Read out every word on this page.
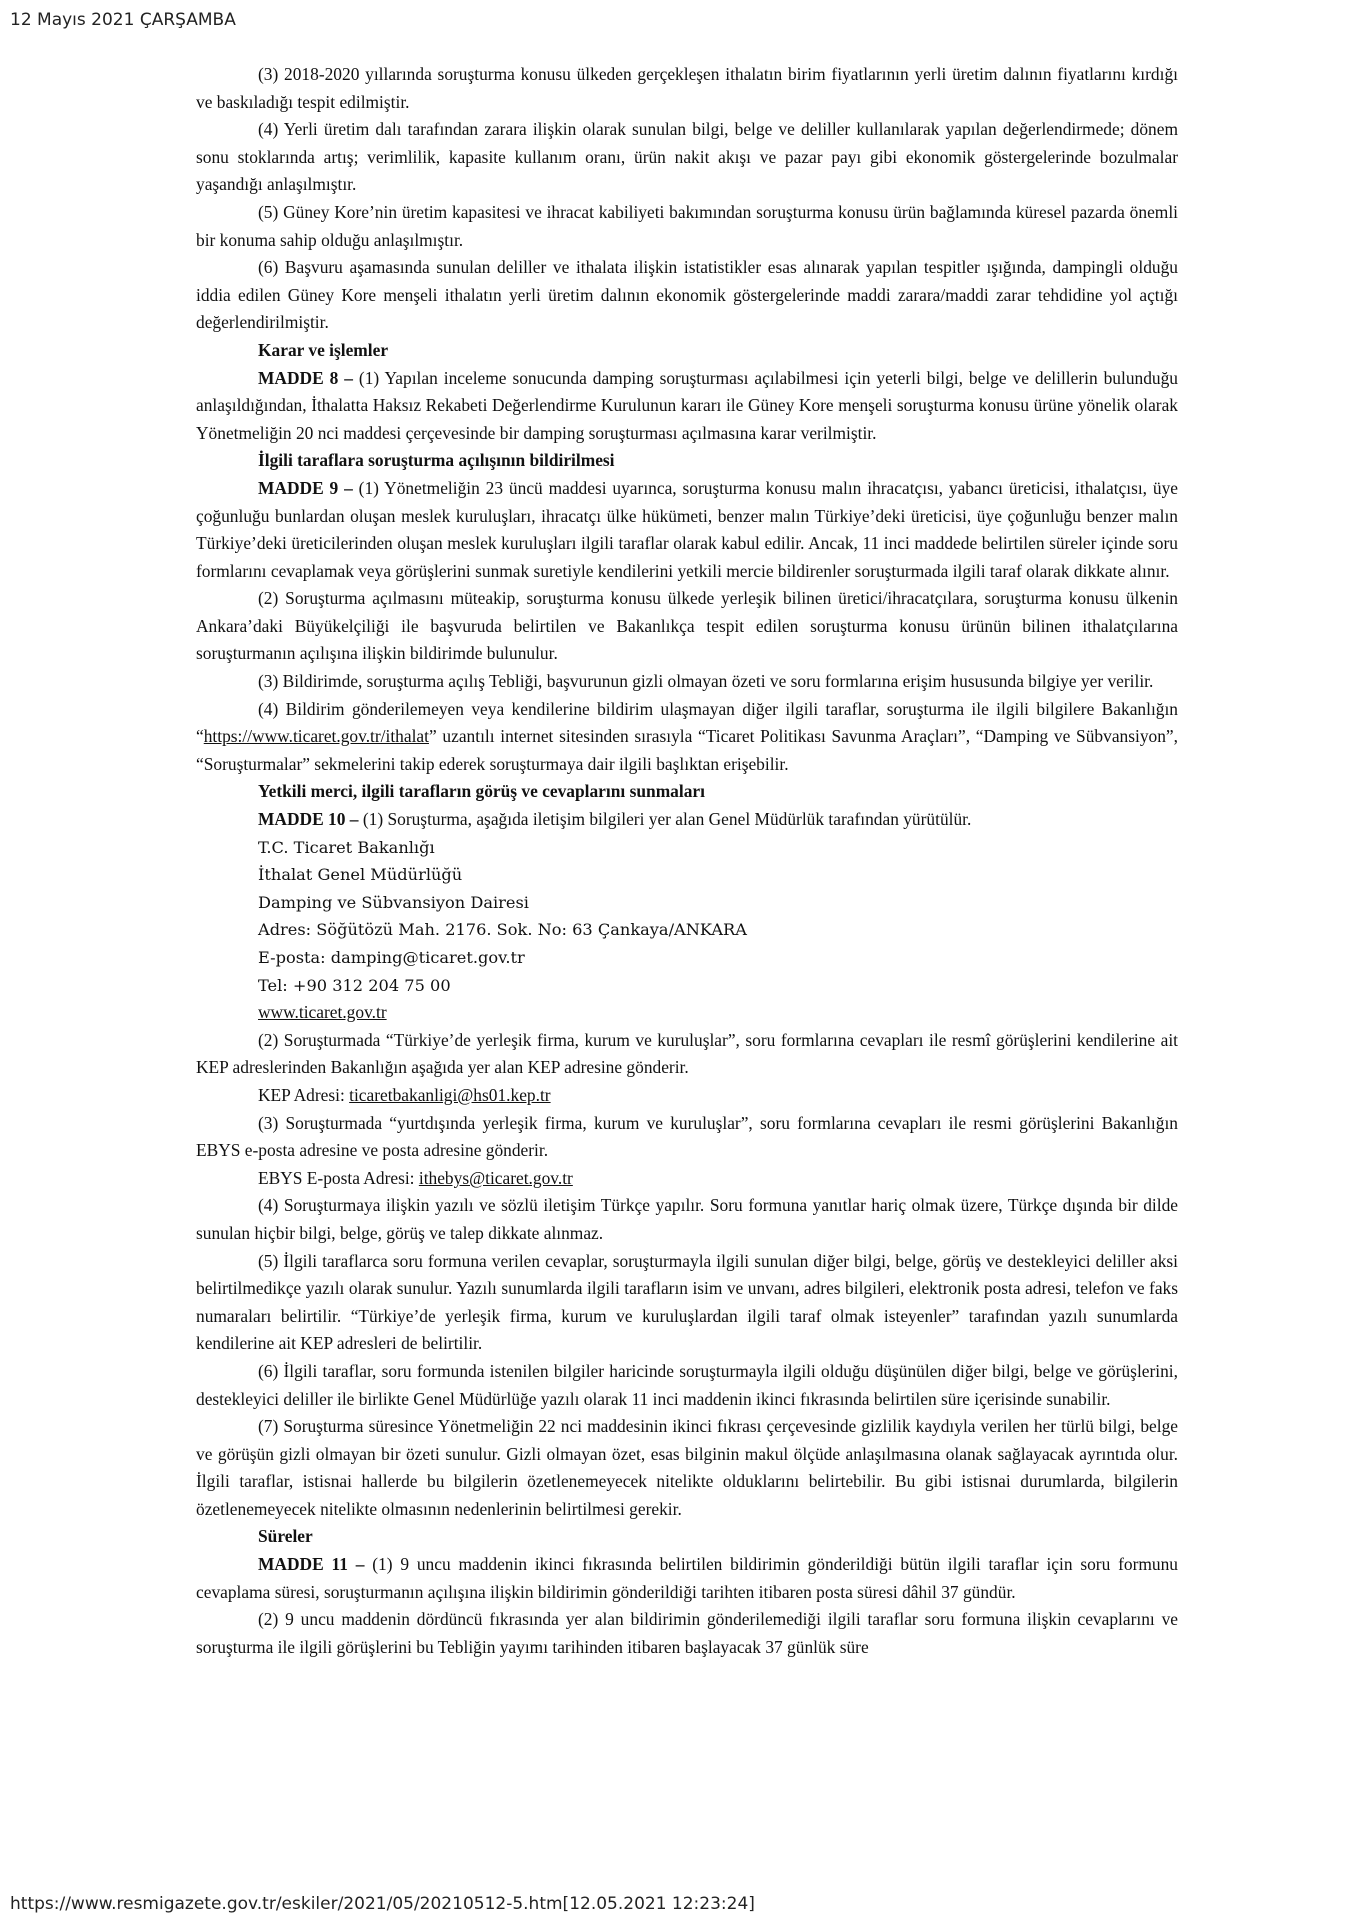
12 Mayıs 2021 ÇARŞAMBA

(3) 2018-2020 yıllarında soruşturma konusu ülkeden gerçekleşen ithalatın birim fiyatlarının yerli üretim dalının fiyatlarını kırdığı ve baskıladığı tespit edilmiştir.

(4) Yerli üretim dalı tarafından zarara ilişkin olarak sunulan bilgi, belge ve deliller kullanılarak yapılan değerlendirmede; dönem sonu stoklarında artış; verimlilik, kapasite kullanım oranı, ürün nakit akışı ve pazar payı gibi ekonomik göstergelerinde bozulmalar yaşandığı anlaşılmıştır.

(5) Güney Kore’nin üretim kapasitesi ve ihracat kabiliyeti bakımından soruşturma konusu ürün bağlamında küresel pazarda önemli bir konuma sahip olduğu anlaşılmıştır.

(6) Başvuru aşamasında sunulan deliller ve ithalata ilişkin istatistikler esas alınarak yapılan tespitler ışığında, dampingli olduğu iddia edilen Güney Kore menşeli ithalatın yerli üretim dalının ekonomik göstergelerinde maddi zarara/maddi zarar tehdidine yol açtığı değerlendirilmiştir.

Karar ve işlemler

MADDE 8 – (1) Yapılan inceleme sonucunda damping soruşturması açılabilmesi için yeterli bilgi, belge ve delillerin bulunduğu anlaşıldığından, İthalatta Haksız Rekabeti Değerlendirme Kurulunun kararı ile Güney Kore menşeli soruşturma konusu ürüne yönelik olarak Yönetmeliğin 20 nci maddesi çerçevesinde bir damping soruşturması açılmasına karar verilmiştir.

İlgili taraflara soruşturma açılışının bildirilmesi

MADDE 9 – (1) Yönetmeliğin 23 üncü maddesi uyarınca, soruşturma konusu malın ihracatçısı, yabancı üreticisi, ithalatçısı, üye çoğunluğu bunlardan oluşan meslek kuruluşları, ihracatçı ülke hükümeti, benzer malın Türkiye’deki üreticisi, üye çoğunluğu benzer malın Türkiye’deki üreticilerinden oluşan meslek kuruluşları ilgili taraflar olarak kabul edilir. Ancak, 11 inci maddede belirtilen süreler içinde soru formlarını cevaplamak veya görüşlerini sunmak suretiyle kendilerini yetkili mercie bildirenler soruşturmada ilgili taraf olarak dikkate alınır.

(2) Soruşturma açılmasını müteakip, soruşturma konusu ülkede yerleşik bilinen üretici/ihracatçılara, soruşturma konusu ülkenin Ankara’daki Büyükelçiliği ile başvuruda belirtilen ve Bakanlıkça tespit edilen soruşturma konusu ürünün bilinen ithalatçılarına soruşturmanın açılışına ilişkin bildirimde bulunulur.

(3) Bildirimde, soruşturma açılış Tebliği, başvurunun gizli olmayan özeti ve soru formlarına erişim hususunda bilgiye yer verilir.

(4) Bildirim gönderilemeyen veya kendilerine bildirim ulaşmayan diğer ilgili taraflar, soruşturma ile ilgili bilgilere Bakanlığın “https://www.ticaret.gov.tr/ithalat” uzantılı internet sitesinden sırasıyla “Ticaret Politikası Savunma Araçları”, “Damping ve Sübvansiyon”, “Soruşturmalar” sekmelerini takip ederek soruşturmaya dair ilgili başlıktan erişebilir.

Yetkili merci, ilgili tarafların görüş ve cevaplarını sunmaları

MADDE 10 – (1) Soruşturma, aşağıda iletişim bilgileri yer alan Genel Müdürlük tarafından yürütülür.

T.C. Ticaret Bakanlığı

İthalat Genel Müdürlüğü

Damping ve Sübvansiyon Dairesi

Adres: Söğütözü Mah. 2176. Sok. No: 63 Çankaya/ANKARA

E-posta: damping@ticaret.gov.tr

Tel: +90 312 204 75 00

www.ticaret.gov.tr

(2) Soruşturmada “Türkiye’de yerleşik firma, kurum ve kuruluşlar”, soru formlarına cevapları ile resmî görüşlerini kendilerine ait KEP adreslerinden Bakanlığın aşağıda yer alan KEP adresine gönderir.

KEP Adresi: ticaretbakanligi@hs01.kep.tr

(3) Soruşturmada “yurtdışında yerleşik firma, kurum ve kuruluşlar”, soru formlarına cevapları ile resmi görüşlerini Bakanlığın EBYS e-posta adresine ve posta adresine gönderir.

EBYS E-posta Adresi: ithebys@ticaret.gov.tr

(4) Soruşturmaya ilişkin yazılı ve sözlü iletişim Türkçe yapılır. Soru formuna yanıtlar hariç olmak üzere, Türkçe dışında bir dilde sunulan hiçbir bilgi, belge, görüş ve talep dikkate alınmaz.

(5) İlgili taraflarca soru formuna verilen cevaplar, soruşturmayla ilgili sunulan diğer bilgi, belge, görüş ve destekleyici deliller aksi belirtilmedikçe yazılı olarak sunulur. Yazılı sunumlarda ilgili tarafların isim ve unvanı, adres bilgileri, elektronik posta adresi, telefon ve faks numaraları belirtilir. “Türkiye’de yerleşik firma, kurum ve kuruluşlardan ilgili taraf olmak isteyenler” tarafından yazılı sunumlarda kendilerine ait KEP adresleri de belirtilir.

(6) İlgili taraflar, soru formunda istenilen bilgiler haricinde soruşturmayla ilgili olduğu düşünülen diğer bilgi, belge ve görüşlerini, destekleyici deliller ile birlikte Genel Müdürlüğe yazılı olarak 11 inci maddenin ikinci fıkrasında belirtilen süre içerisinde sunabilir.

(7) Soruşturma süresince Yönetmeliğin 22 nci maddesinin ikinci fıkrası çerçevesinde gizlilik kaydıyla verilen her türlü bilgi, belge ve görüşün gizli olmayan bir özeti sunulur. Gizli olmayan özet, esas bilginin makul ölçüde anlaşılmasına olanak sağlayacak ayrıntıda olur. İlgili taraflar, istisnai hallerde bu bilgilerin özetlenemeyecek nitelikte olduklarını belirtebilir. Bu gibi istisnai durumlarda, bilgilerin özetlenemeyecek nitelikte olmasının nedenlerinin belirtilmesi gerekir.

Süreler

MADDE 11 – (1) 9 uncu maddenin ikinci fıkrasında belirtilen bildirimin gönderildiği bütün ilgili taraflar için soru formunu cevaplama süresi, soruşturmanın açılışına ilişkin bildirimin gönderildiği tarihten itibaren posta süresi dâhil 37 gündür.

(2) 9 uncu maddenin dördüncü fıkrasında yer alan bildirimin gönderilemediği ilgili taraflar soru formuna ilişkin cevaplarını ve soruşturma ile ilgili görüşlerini bu Tebliğin yayımı tarihinden itibaren başlayacak 37 günlük süre

https://www.resmigazete.gov.tr/eskiler/2021/05/20210512-5.htm[12.05.2021 12:23:24]
